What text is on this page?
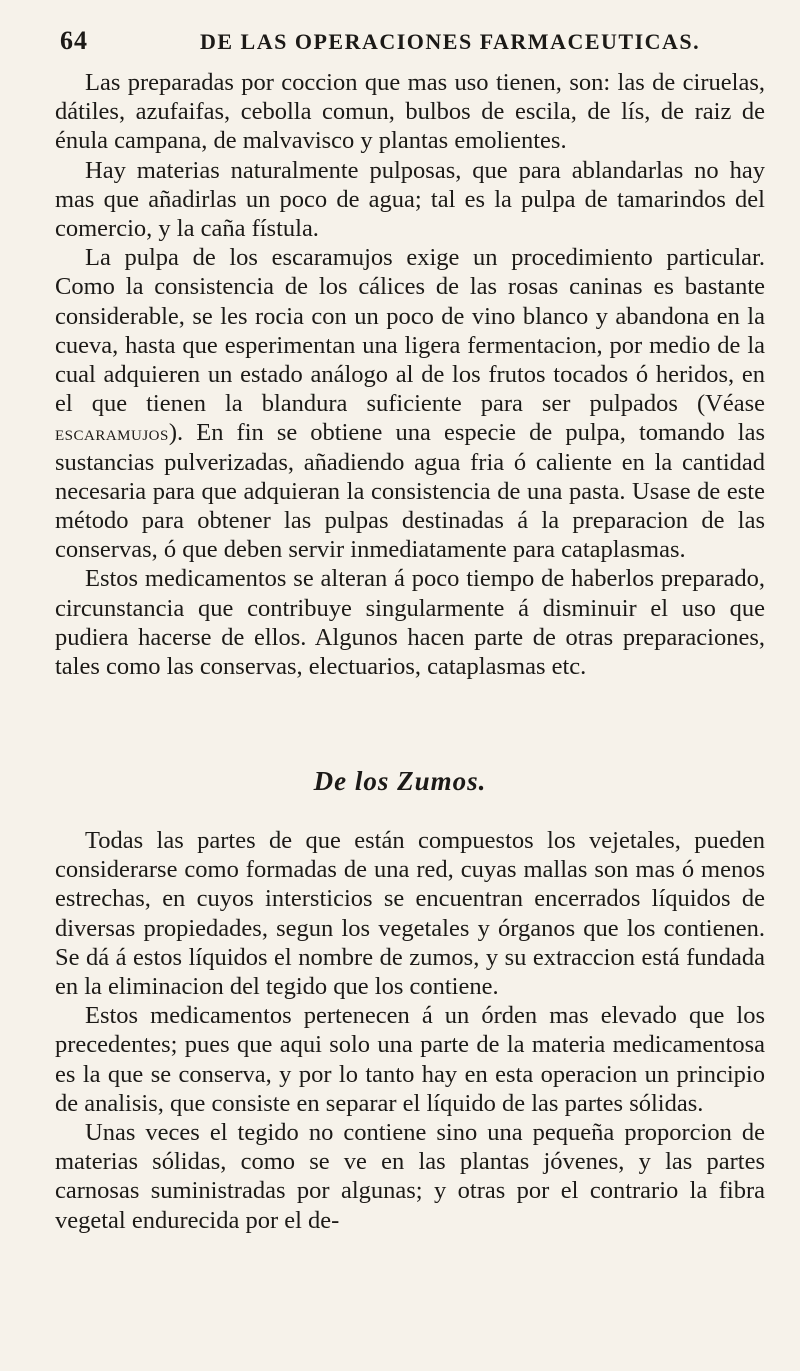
64	DE LAS OPERACIONES FARMACEUTICAS.

Las preparadas por coccion que mas uso tienen, son: las de ciruelas, dátiles, azufaifas, cebolla comun, bulbos de escila, de lís, de raiz de énula campana, de malvavisco y plantas emolientes.

Hay materias naturalmente pulposas, que para ablandarlas no hay mas que añadirlas un poco de agua; tal es la pulpa de tamarindos del comercio, y la caña fístula.

La pulpa de los escaramujos exige un procedimiento particular. Como la consistencia de los cálices de las rosas caninas es bastante considerable, se les rocia con un poco de vino blanco y abandona en la cueva, hasta que esperimentan una ligera fermentacion, por medio de la cual adquieren un estado análogo al de los frutos tocados ó heridos, en el que tienen la blandura suficiente para ser pulpados (Véase escaramujos). En fin se obtiene una especie de pulpa, tomando las sustancias pulverizadas, añadiendo agua fria ó caliente en la cantidad necesaria para que adquieran la consistencia de una pasta. Usase de este método para obtener las pulpas destinadas á la preparacion de las conservas, ó que deben servir inmediatamente para cataplasmas.

Estos medicamentos se alteran á poco tiempo de haberlos preparado, circunstancia que contribuye singularmente á disminuir el uso que pudiera hacerse de ellos. Algunos hacen parte de otras preparaciones, tales como las conservas, electuarios, cataplasmas etc.

De los Zumos.

Todas las partes de que están compuestos los vejetales, pueden considerarse como formadas de una red, cuyas mallas son mas ó menos estrechas, en cuyos intersticios se encuentran encerrados líquidos de diversas propiedades, segun los vegetales y órganos que los contienen. Se dá á estos líquidos el nombre de zumos, y su extraccion está fundada en la eliminacion del tegido que los contiene.

Estos medicamentos pertenecen á un órden mas elevado que los precedentes; pues que aqui solo una parte de la materia medicamentosa es la que se conserva, y por lo tanto hay en esta operacion un principio de analisis, que consiste en separar el líquido de las partes sólidas.

Unas veces el tegido no contiene sino una pequeña proporcion de materias sólidas, como se ve en las plantas jóvenes, y las partes carnosas suministradas por algunas; y otras por el contrario la fibra vegetal endurecida por el de-
